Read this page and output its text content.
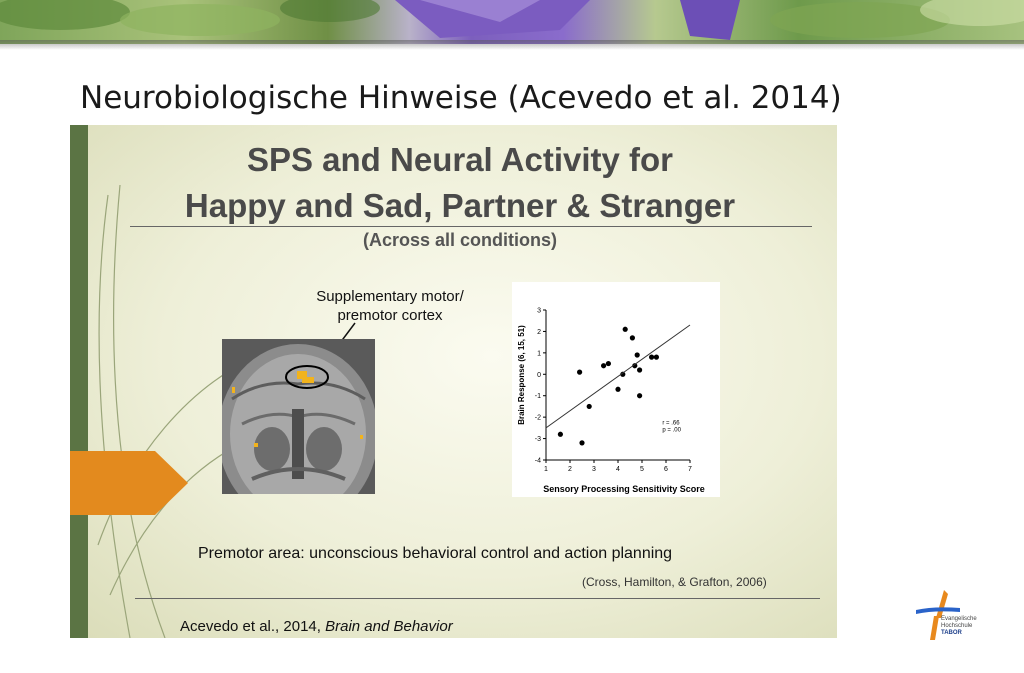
Neurobiologische Hinweise (Acevedo et al. 2014)
SPS and Neural Activity for
Happy and Sad, Partner & Stranger
(Across all conditions)
Supplementary motor/
premotor cortex
1	2	3	4	5	6	7
3
2
1
0
-1
-2
-3
-4
r = .66
p = .00
Sensory Processing Sensitivity Score
Brain Response (6, 15, 51)
Premotor area: unconscious behavioral control and action planning
(Cross, Hamilton, & Grafton, 2006)
Acevedo et al., 2014, Brain and Behavior	Evangelische
Hochschule
TABOR
